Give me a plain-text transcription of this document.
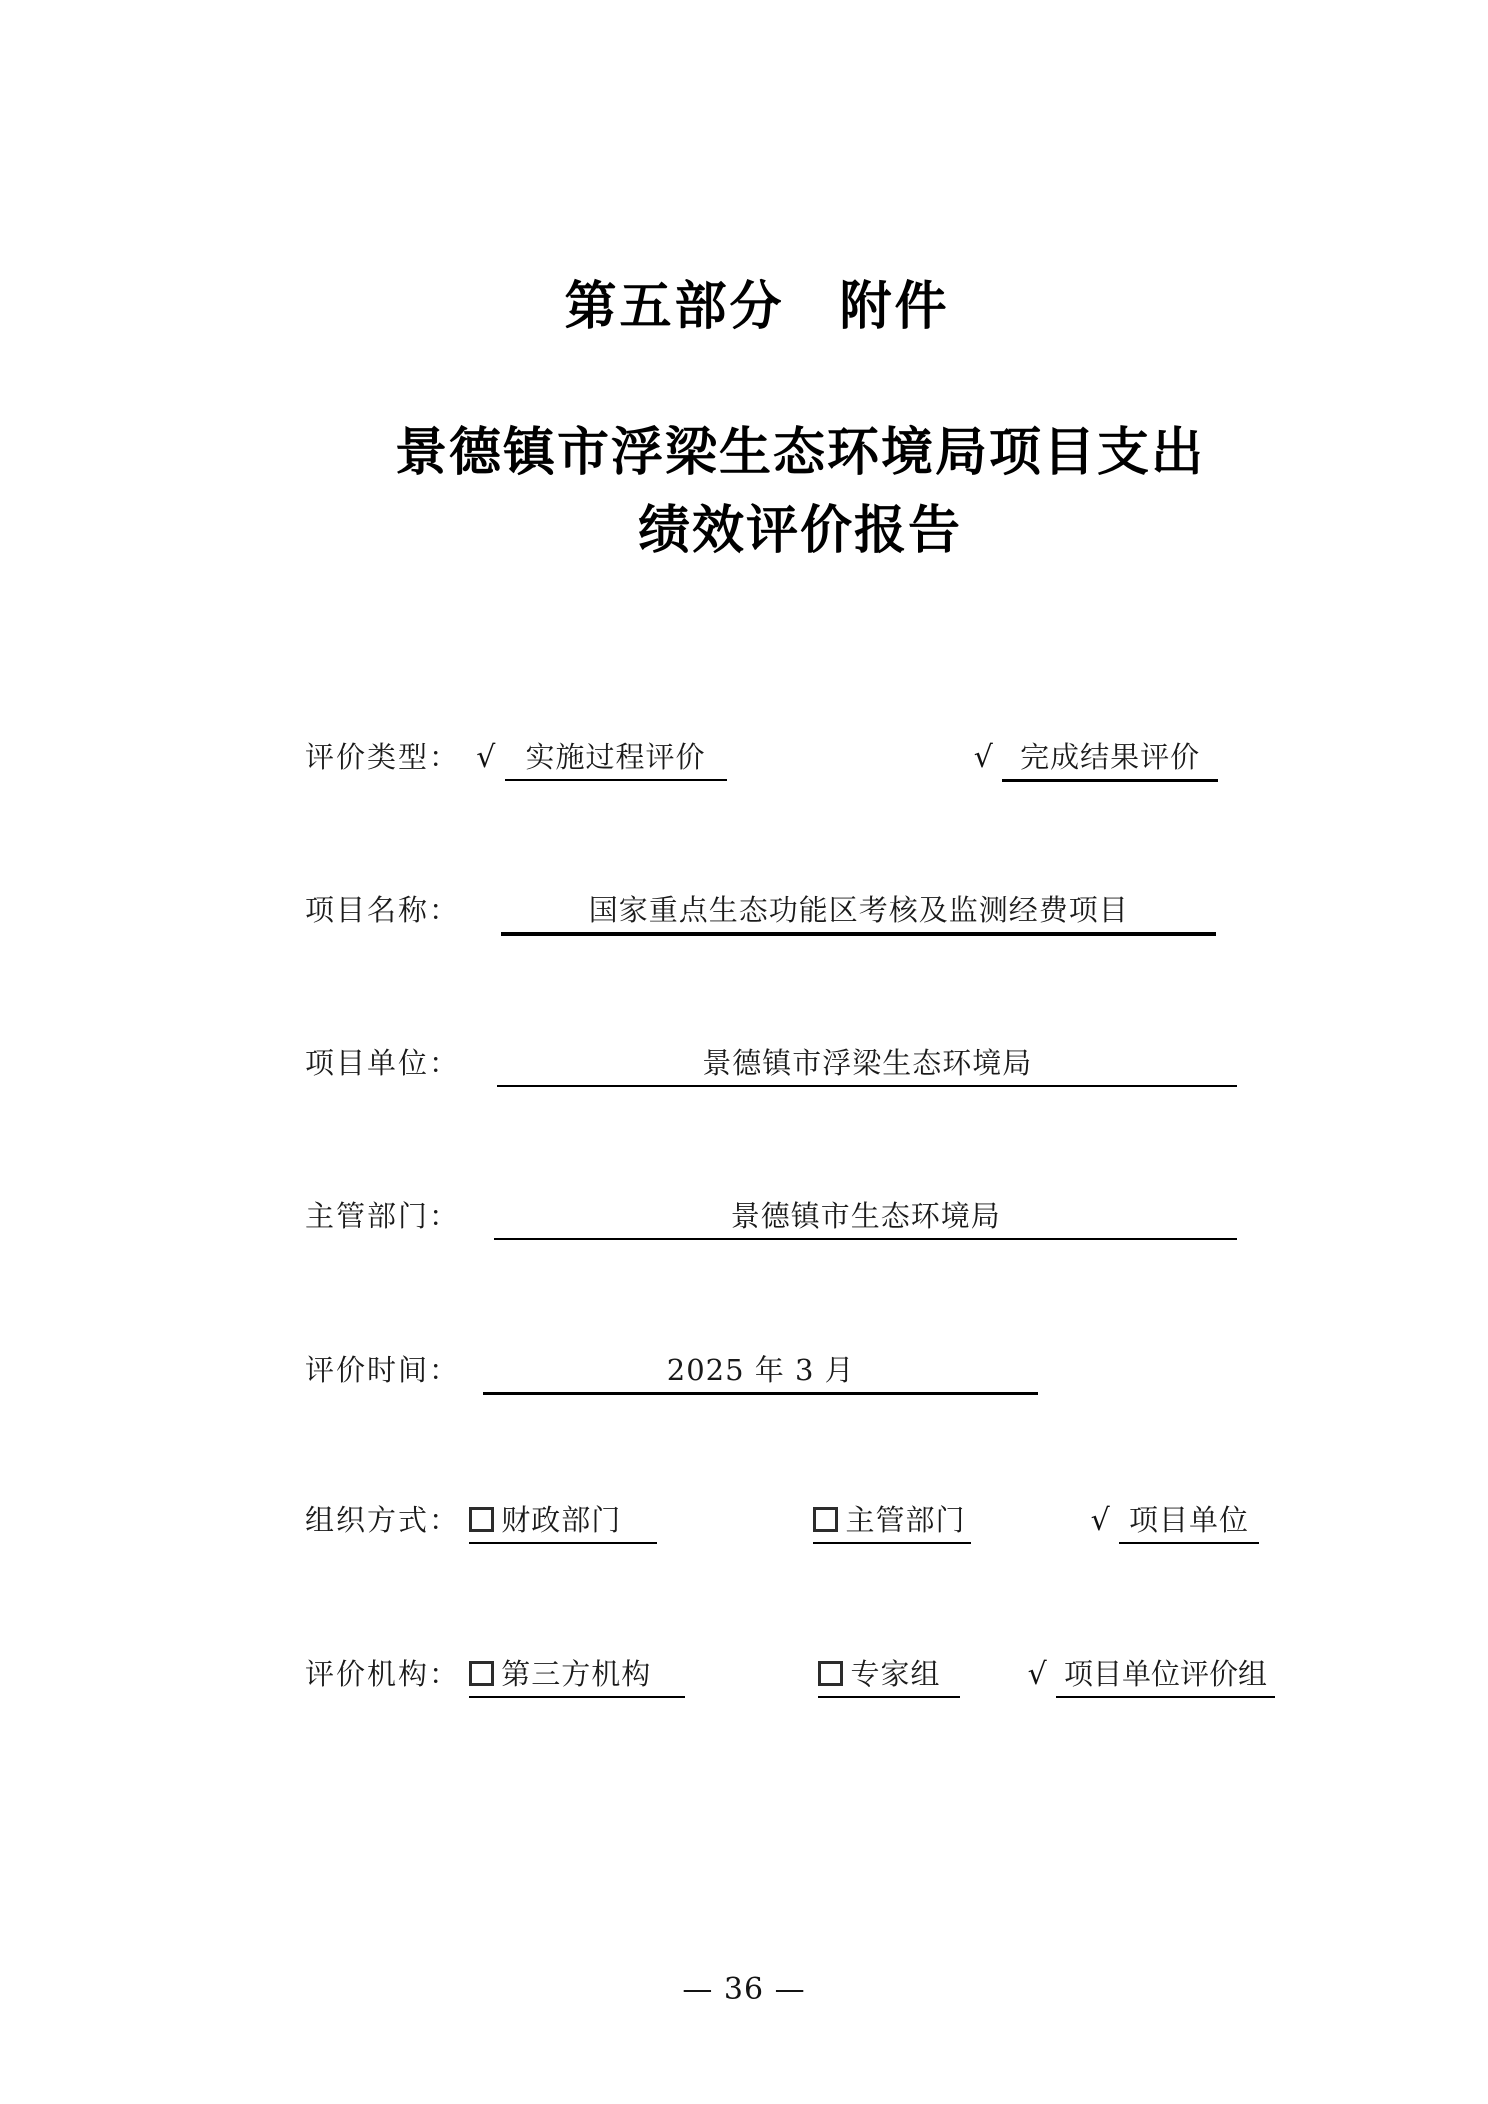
第五部分　附件
景德镇市浮梁生态环境局项目支出
绩效评价报告
评价类型： √ 实施过程评价	√ 完成结果评价
项目名称：	国家重点生态功能区考核及监测经费项目
项目单位：	景德镇市浮梁生态环境局
主管部门：	景德镇市生态环境局
评价时间：	2025 年 3 月
组织方式： 财政部门	主管部门	√ 项目单位
评价机构： 第三方机构	专家组	√ 项目单位评价组
— 36 —
